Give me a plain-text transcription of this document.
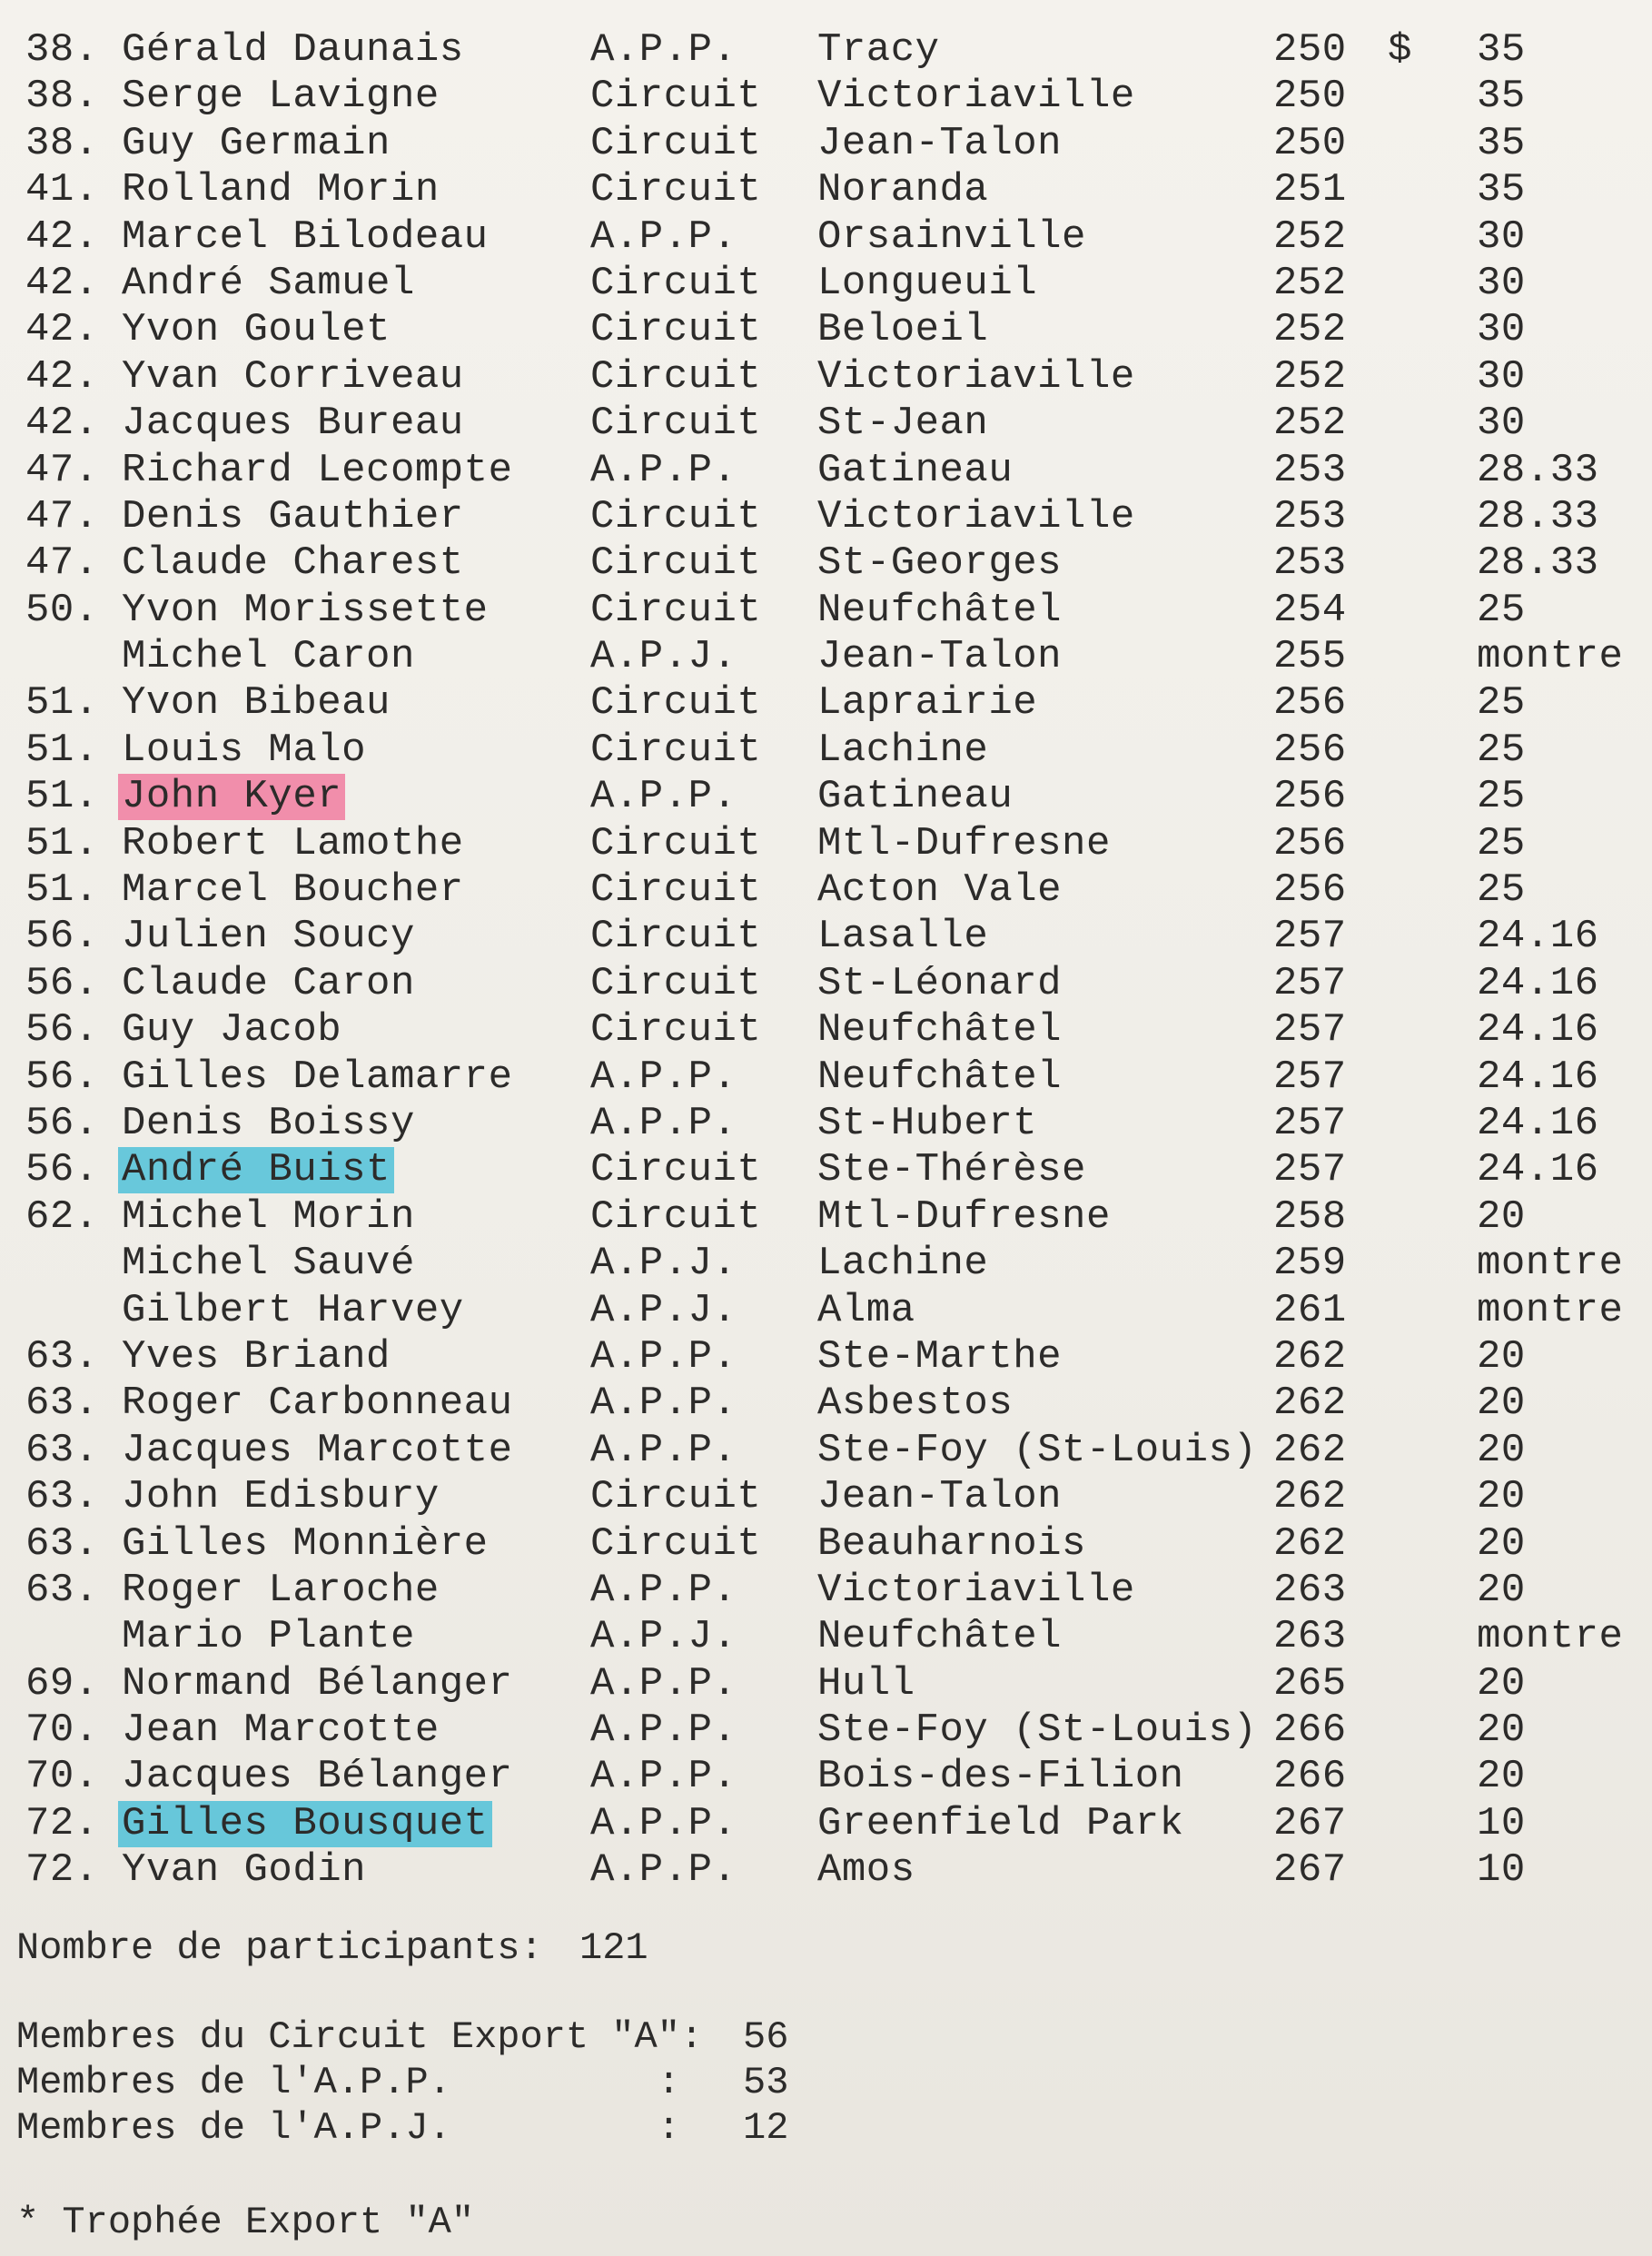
38. Gérald Daunais	A.P.P. Tracy	250 $ 35
38. Serge Lavigne	Circuit Victoriaville	250	35
38. Guy Germain	Circuit Jean-Talon	250	35
41. Rolland Morin	Circuit Noranda	251	35
42. Marcel Bilodeau	A.P.P. Orsainville	252	30
42. André Samuel	Circuit Longueuil	252	30
42. Yvon Goulet	Circuit Beloeil	252	30
42. Yvan Corriveau	Circuit Victoriaville	252	30
42. Jacques Bureau	Circuit St-Jean	252	30
47. Richard Lecompte A.P.P. Gatineau	253	28.33
47. Denis Gauthier	Circuit Victoriaville	253	28.33
47. Claude Charest	Circuit St-Georges	253	28.33
50. Yvon Morissette	Circuit Neufchâtel	254	25
Michel Caron	A.P.J. Jean-Talon	255	montre
51. Yvon Bibeau	Circuit Laprairie	256	25
51. Louis Malo	Circuit Lachine	256	25
51. John Kyer	A.P.P. Gatineau	256	25
51. Robert Lamothe	Circuit Mtl-Dufresne	256	25
51. Marcel Boucher	Circuit Acton Vale	256	25
56. Julien Soucy	Circuit Lasalle	257	24.16
56. Claude Caron	Circuit St-Léonard	257	24.16
56. Guy Jacob	Circuit Neufchâtel	257	24.16
56. Gilles Delamarre A.P.P. Neufchâtel	257	24.16
56. Denis Boissy	A.P.P. St-Hubert	257	24.16
56. André Buist	Circuit Ste-Thérèse	257	24.16
62. Michel Morin	Circuit Mtl-Dufresne	258	20
Michel Sauvé	A.P.J. Lachine	259	montre
Gilbert Harvey	A.P.J. Alma	261	montre
63. Yves Briand	A.P.P. Ste-Marthe	262	20
63. Roger Carbonneau A.P.P. Asbestos	262	20
63. Jacques Marcotte A.P.P. Ste-Foy (St-Louis) 262	20
63. John Edisbury	Circuit Jean-Talon	262	20
63. Gilles Monnière	Circuit Beauharnois	262	20
63. Roger Laroche	A.P.P. Victoriaville	263	20
Mario Plante	A.P.J. Neufchâtel	263	montre
69. Normand Bélanger A.P.P. Hull	265	20
70. Jean Marcotte	A.P.P. Ste-Foy (St-Louis) 266	20
70. Jacques Bélanger A.P.P. Bois-des-Filion 266	20
72. Gilles Bousquet	A.P.P. Greenfield Park 267	10
72. Yvan Godin	A.P.P. Amos	267	10
Nombre de participants: 121
Membres du Circuit Export "A": 56
Membres de l'A.P.P.         : 53
Membres de l'A.P.J.         : 12
* Trophée Export "A"
